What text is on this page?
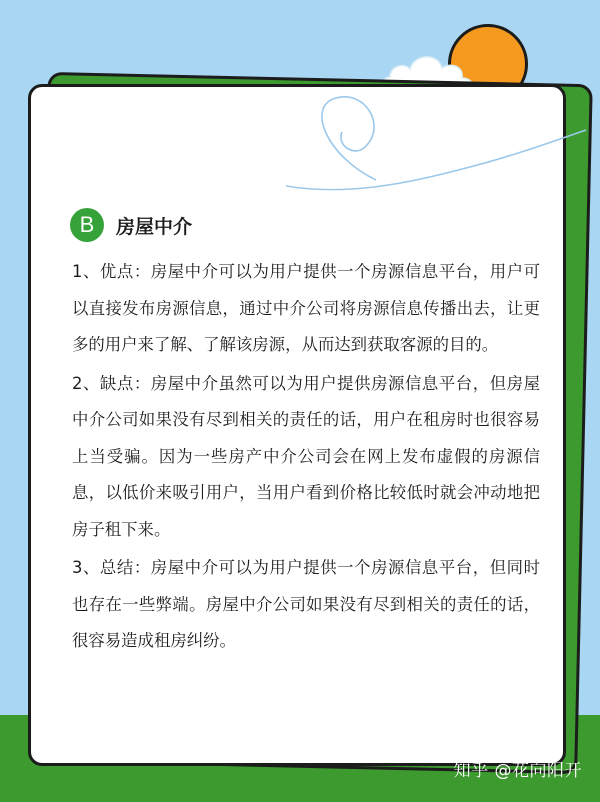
B	房屋中介

1、优点：房屋中介可以为用户提供一个房源信息平台，用户可以直接发布房源信息，通过中介公司将房源信息传播出去，让更多的用户来了解、了解该房源，从而达到获取客源的目的。

2、缺点：房屋中介虽然可以为用户提供房源信息平台，但房屋中介公司如果没有尽到相关的责任的话，用户在租房时也很容易上当受骗。因为一些房产中介公司会在网上发布虚假的房源信息，以低价来吸引用户，当用户看到价格比较低时就会冲动地把房子租下来。

3、总结：房屋中介可以为用户提供一个房源信息平台，但同时也存在一些弊端。房屋中介公司如果没有尽到相关的责任的话，很容易造成租房纠纷。

知乎 @花向阳开
